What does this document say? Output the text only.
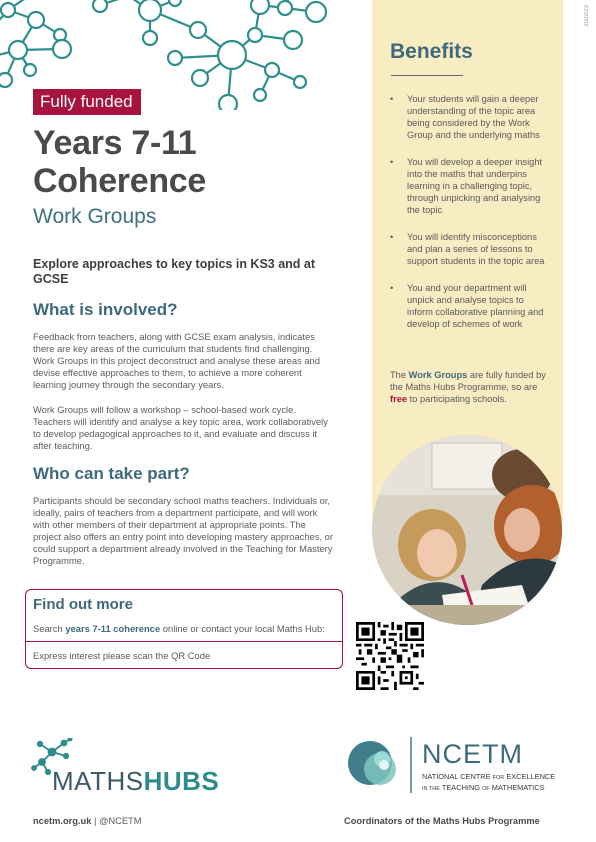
Fully funded
Years 7-11
Coherence
Work Groups
Explore approaches to key topics in KS3 and at GCSE
What is involved?

Feedback from teachers, along with GCSE exam analysis, indicates there are key areas of the curriculum that students find challenging. Work Groups in this project deconstruct and analyse these areas and devise effective approaches to them, to achieve a more coherent learning journey through the secondary years.

Work Groups will follow a workshop – school-based work cycle. Teachers will identify and analyse a key topic area, work collaboratively to develop pedagogical approaches to it, and evaluate and discuss it after teaching.

Who can take part?

Participants should be secondary school maths teachers. Individuals or, ideally, pairs of teachers from a department participate, and will work with other members of their department at appropriate points. The project also offers an entry point into developing mastery approaches, or could support a department already involved in the Teaching for Mastery Programme.

2022/23
Benefits
• Your students will gain a deeper understanding of the topic area being considered by the Work Group and the underlying maths
• You will develop a deeper insight into the maths that underpins learning in a challenging topic, through unpicking and analysing the topic
• You will identify misconceptions and plan a series of lessons to support students in the topic area
• You and your department will unpick and analyse topics to inform collaborative planning and develop of schemes of work

The Work Groups are fully funded by the Maths Hubs Programme, so are free to participating schools.

Find out more
Search years 7-11 coherence online or contact your local Maths Hub:
Express interest please scan the QR Code
MATHSHUBS
NCETM
NATIONAL CENTRE FOR EXCELLENCE
IN THE TEACHING OF MATHEMATICS
ncetm.org.uk | @NCETM	Coordinators of the Maths Hubs Programme
